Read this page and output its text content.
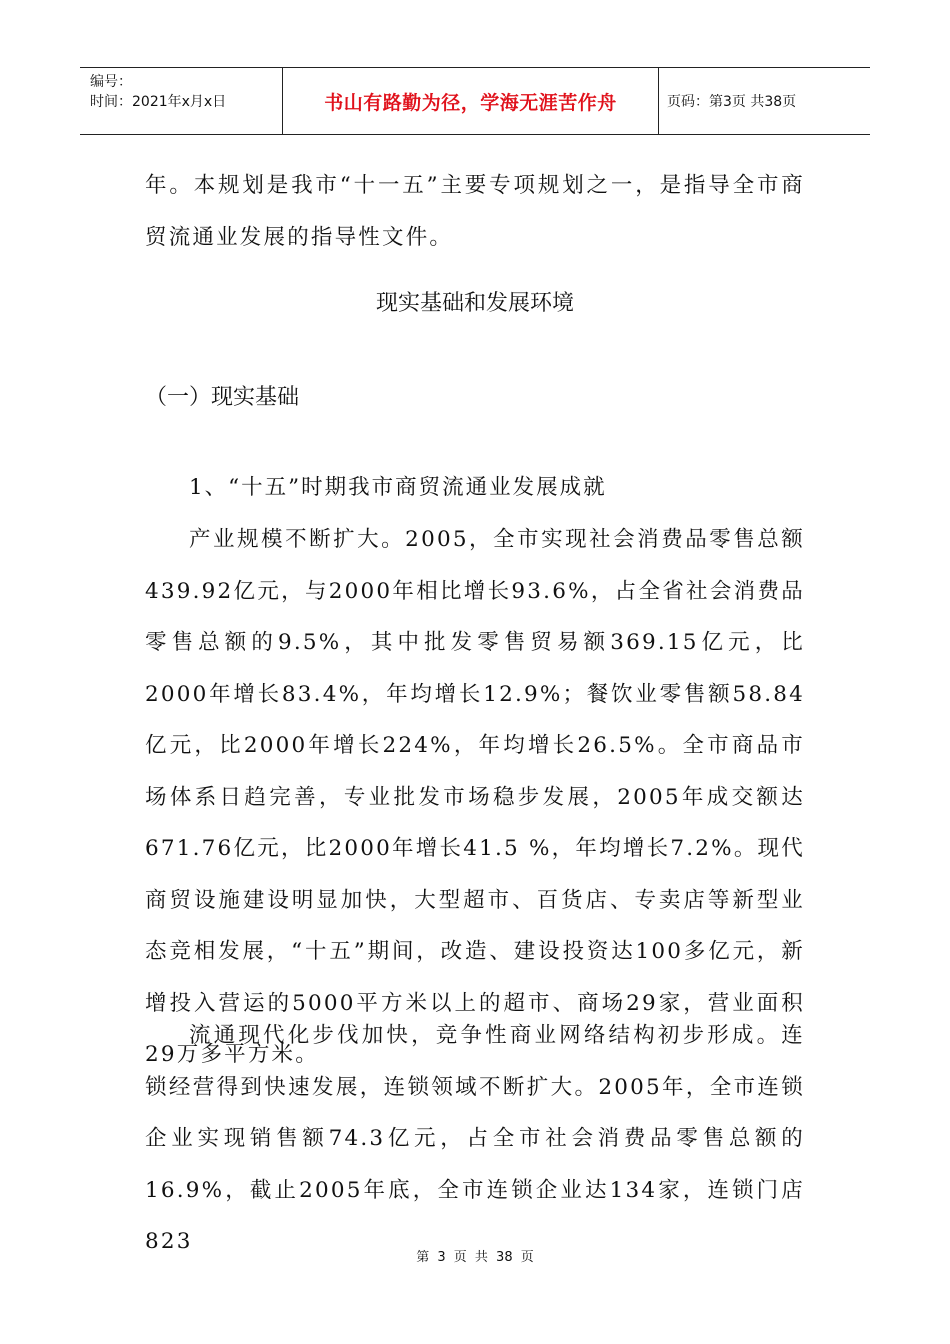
编号：
时间：2021年x月x日	书山有路勤为径，学海无涯苦作舟	页码：第3页 共38页

年。本规划是我市“十一五”主要专项规划之一，是指导全市商贸流通业发展的指导性文件。

现实基础和发展环境
（一）现实基础
1、“十五”时期我市商贸流通业发展成就

产业规模不断扩大。2005，全市实现社会消费品零售总额439.92亿元，与2000年相比增长93.6%，占全省社会消费品零售总额的9.5%，其中批发零售贸易额369.15亿元，比2000年增长83.4%，年均增长12.9%；餐饮业零售额58.84亿元，比2000年增长224%，年均增长26.5%。全市商品市场体系日趋完善，专业批发市场稳步发展，2005年成交额达671.76亿元，比2000年增长41.5 %，年均增长7.2%。现代商贸设施建设明显加快，大型超市、百货店、专卖店等新型业态竞相发展，“十五”期间，改造、建设投资达100多亿元，新增投入营运的5000平方米以上的超市、商场29家，营业面积29万多平方米。

流通现代化步伐加快，竞争性商业网络结构初步形成。连锁经营得到快速发展，连锁领域不断扩大。2005年，全市连锁企业实现销售额74.3亿元，占全市社会消费品零售总额的16.9%，截止2005年底，全市连锁企业达134家，连锁门店823

第 3 页 共 38 页
